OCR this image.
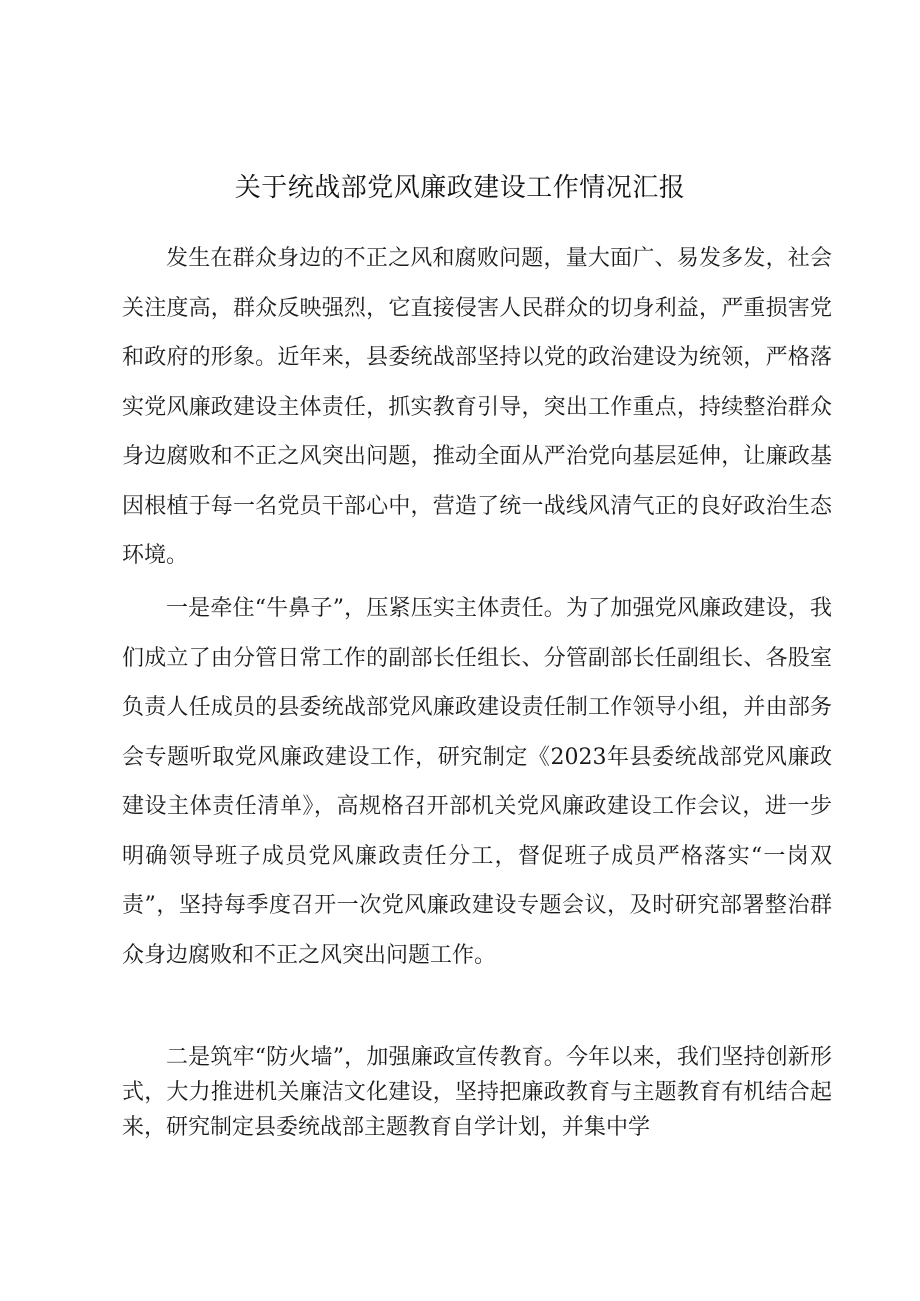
关于统战部党风廉政建设工作情况汇报

发生在群众身边的不正之风和腐败问题，量大面广、易发多发，社会关注度高，群众反映强烈，它直接侵害人民群众的切身利益，严重损害党和政府的形象。近年来，县委统战部坚持以党的政治建设为统领，严格落实党风廉政建设主体责任，抓实教育引导，突出工作重点，持续整治群众身边腐败和不正之风突出问题，推动全面从严治党向基层延伸，让廉政基因根植于每一名党员干部心中，营造了统一战线风清气正的良好政治生态环境。

一是牵住“牛鼻子”，压紧压实主体责任。为了加强党风廉政建设，我们成立了由分管日常工作的副部长任组长、分管副部长任副组长、各股室负责人任成员的县委统战部党风廉政建设责任制工作领导小组，并由部务会专题听取党风廉政建设工作，研究制定《2023年县委统战部党风廉政建设主体责任清单》，高规格召开部机关党风廉政建设工作会议，进一步明确领导班子成员党风廉政责任分工，督促班子成员严格落实“一岗双责”，坚持每季度召开一次党风廉政建设专题会议，及时研究部署整治群众身边腐败和不正之风突出问题工作。

二是筑牢“防火墙”，加强廉政宣传教育。今年以来，我们坚持创新形式，大力推进机关廉洁文化建设，坚持把廉政教育与主题教育有机结合起来，研究制定县委统战部主题教育自学计划，并集中学
